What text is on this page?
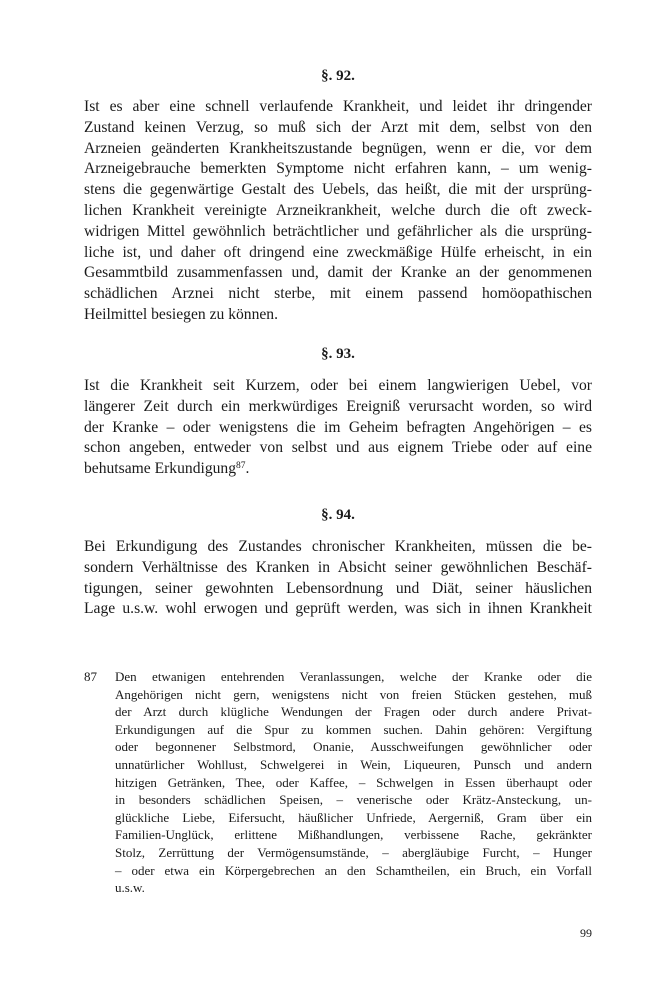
§. 92.
Ist es aber eine schnell verlaufende Krankheit, und leidet ihr dringender
Zustand keinen Verzug, so muß sich der Arzt mit dem, selbst von den
Arzneien geänderten Krankheitszustande begnügen, wenn er die, vor dem
Arzneigebrauche bemerkten Symptome nicht erfahren kann, – um wenig-
stens die gegenwärtige Gestalt des Uebels, das heißt, die mit der ursprüng-
lichen Krankheit vereinigte Arzneikrankheit, welche durch die oft zweck-
widrigen Mittel gewöhnlich beträchtlicher und gefährlicher als die ursprüng-
liche ist, und daher oft dringend eine zweckmäßige Hülfe erheischt, in ein
Gesammtbild zusammenfassen und, damit der Kranke an der genommenen
schädlichen Arznei nicht sterbe, mit einem passend homöopathischen
Heilmittel besiegen zu können.
§. 93.
Ist die Krankheit seit Kurzem, oder bei einem langwierigen Uebel, vor
längerer Zeit durch ein merkwürdiges Ereigniß verursacht worden, so wird
der Kranke – oder wenigstens die im Geheim befragten Angehörigen – es
schon angeben, entweder von selbst und aus eignem Triebe oder auf eine
behutsame Erkundigung$^{87}$.
§. 94.
Bei Erkundigung des Zustandes chronischer Krankheiten, müssen die be-
sondern Verhältnisse des Kranken in Absicht seiner gewöhnlichen Beschäf-
tigungen, seiner gewohnten Lebensordnung und Diät, seiner häuslichen
Lage u.s.w. wohl erwogen und geprüft werden, was sich in ihnen Krankheit
87 Den etwanigen entehrenden Veranlassungen, welche der Kranke oder die
Angehörigen nicht gern, wenigstens nicht von freien Stücken gestehen, muß
der Arzt durch klügliche Wendungen der Fragen oder durch andere Privat-
Erkundigungen auf die Spur zu kommen suchen. Dahin gehören: Vergiftung
oder begonnener Selbstmord, Onanie, Ausschweifungen gewöhnlicher oder
unnatürlicher Wohllust, Schwelgerei in Wein, Liqueuren, Punsch und andern
hitzigen Getränken, Thee, oder Kaffee, – Schwelgen in Essen überhaupt oder
in besonders schädlichen Speisen, – venerische oder Krätz-Ansteckung, un-
glückliche Liebe, Eifersucht, häußlicher Unfriede, Aergerniß, Gram über ein
Familien-Unglück, erlittene Mißhandlungen, verbissene Rache, gekränkter
Stolz, Zerrüttung der Vermögensumstände, – abergläubige Furcht, – Hunger
– oder etwa ein Körpergebrechen an den Schamtheilen, ein Bruch, ein Vorfall
u.s.w.
99
